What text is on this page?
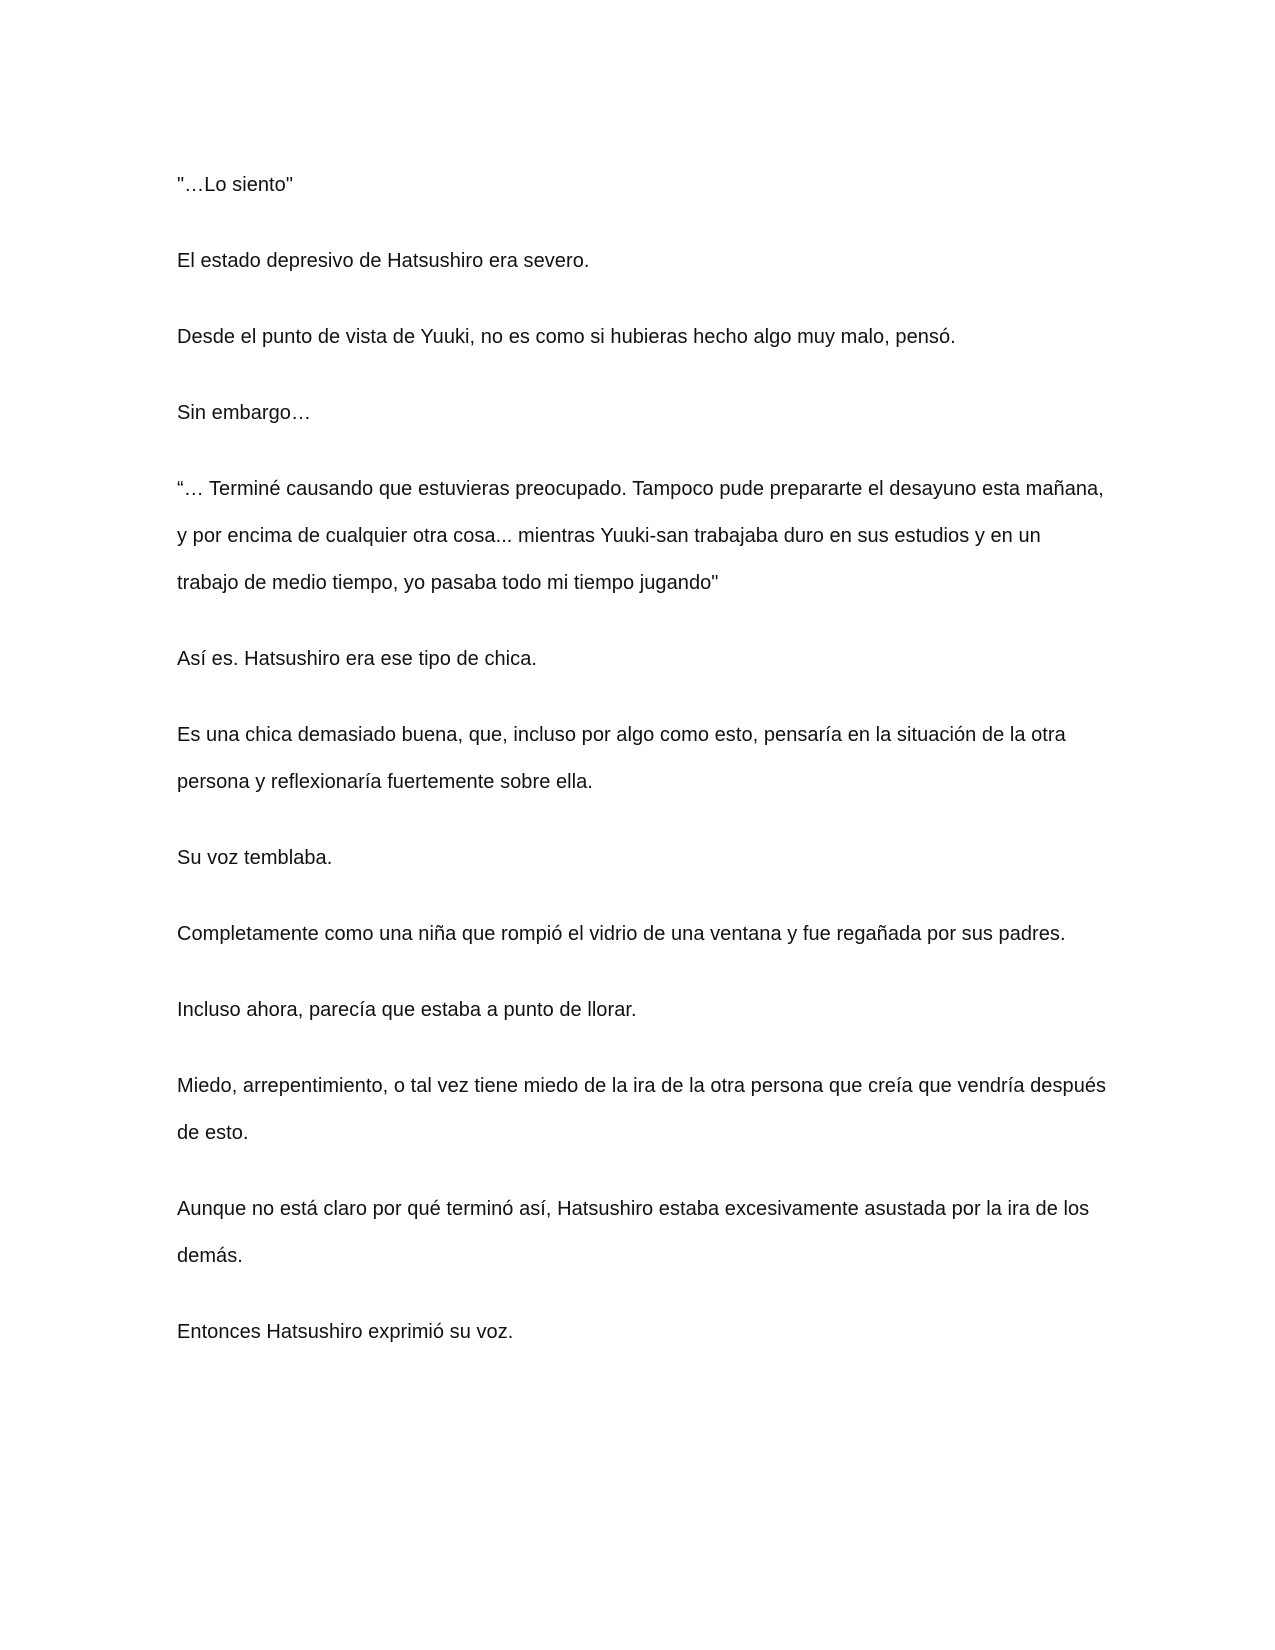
"…Lo siento"

El estado depresivo de Hatsushiro era severo.

Desde el punto de vista de Yuuki, no es como si hubieras hecho algo muy malo, pensó.

Sin embargo…

“… Terminé causando que estuvieras preocupado. Tampoco pude prepararte el desayuno esta mañana, y por encima de cualquier otra cosa... mientras Yuuki-san trabajaba duro en sus estudios y en un trabajo de medio tiempo, yo pasaba todo mi tiempo jugando"

Así es. Hatsushiro era ese tipo de chica.

Es una chica demasiado buena, que, incluso por algo como esto, pensaría en la situación de la otra persona y reflexionaría fuertemente sobre ella.

Su voz temblaba.

Completamente como una niña que rompió el vidrio de una ventana y fue regañada por sus padres.

Incluso ahora, parecía que estaba a punto de llorar.

Miedo, arrepentimiento, o tal vez tiene miedo de la ira de la otra persona que creía que vendría después de esto.

Aunque no está claro por qué terminó así, Hatsushiro estaba excesivamente asustada por la ira de los demás.

Entonces Hatsushiro exprimió su voz.
